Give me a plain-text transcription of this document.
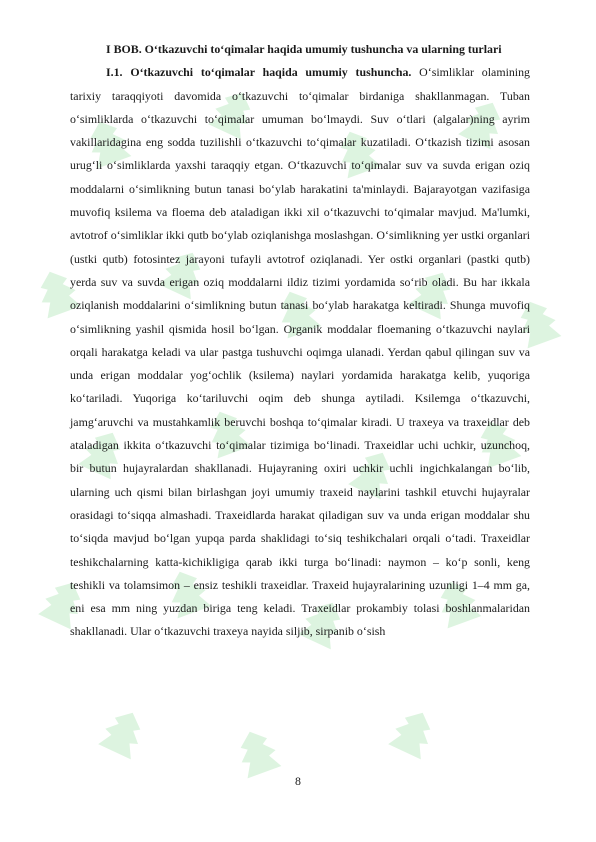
I BOB. O‘tkazuvchi to‘qimalar haqida umumiy tushuncha va ularning turlari

I.1. O‘tkazuvchi to‘qimalar haqida umumiy tushuncha. O‘simliklar olamining tarixiy taraqqiyoti davomida o‘tkazuvchi to‘qimalar birdaniga shakllanmagan. Tuban o‘simliklarda o‘tkazuvchi to‘qimalar umuman bo‘lmaydi. Suv o‘tlari (algalar)ning ayrim vakillaridagina eng sodda tuzilishli o‘tkazuvchi to‘qimalar kuzatiladi. O‘tkazish tizimi asosan urug‘li o‘simliklarda yaxshi taraqqiy etgan. O‘tkazuvchi to‘qimalar suv va suvda erigan oziq moddalarni o‘simlikning butun tanasi bo‘ylab harakatini ta'minlaydi. Bajarayotgan vazifasiga muvofiq ksilema va floema deb ataladigan ikki xil o‘tkazuvchi to‘qimalar mavjud. Ma'lumki, avtotrof o‘simliklar ikki qutb bo‘ylab oziqlanishga moslashgan. O‘simlikning yer ustki organlari (ustki qutb) fotosintez jarayoni tufayli avtotrof oziqlanadi. Yer ostki organlari (pastki qutb) yerda suv va suvda erigan oziq moddalarni ildiz tizimi yordamida so‘rib oladi. Bu har ikkala oziqlanish moddalarini o‘simlikning butun tanasi bo‘ylab harakatga keltiradi. Shunga muvofiq o‘simlikning yashil qismida hosil bo‘lgan. Organik moddalar floemaning o‘tkazuvchi naylari orqali harakatga keladi va ular pastga tushuvchi oqimga ulanadi. Yerdan qabul qilingan suv va unda erigan moddalar yog‘ochlik (ksilema) naylari yordamida harakatga kelib, yuqoriga ko‘tariladi. Yuqoriga ko‘tariluvchi oqim deb shunga aytiladi. Ksilemga o‘tkazuvchi, jamg‘aruvchi va mustahkamlik beruvchi boshqa to‘qimalar kiradi. U traxeya va traxeidlar deb ataladigan ikkita o‘tkazuvchi to‘qimalar tizimiga bo‘linadi. Traxeidlar uchi uchkir, uzunchoq, bir butun hujayralardan shakllanadi. Hujayraning oxiri uchkir uchli ingichkalangan bo‘lib, ularning uch qismi bilan birlashgan joyi umumiy traxeid naylarini tashkil etuvchi hujayralar orasidagi to‘siqqa almashadi. Traxeidlarda harakat qiladigan suv va unda erigan moddalar shu to‘siqda mavjud bo‘lgan yupqa parda shaklidagi to‘siq teshikchalari orqali o‘tadi. Traxeidlar teshikchalarning katta-kichikligiga qarab ikki turga bo‘linadi: naymon – ko‘p sonli, keng teshikli va tolamsimon – ensiz teshikli traxeidlar. Traxeid hujayralarining uzunligi 1–4 mm ga, eni esa mm ning yuzdan biriga teng keladi. Traxeidlar prokambiy tolasi boshlanmalaridan shakllanadi. Ular o‘tkazuvchi traxeya nayida siljib, sirpanib o‘sish

8
